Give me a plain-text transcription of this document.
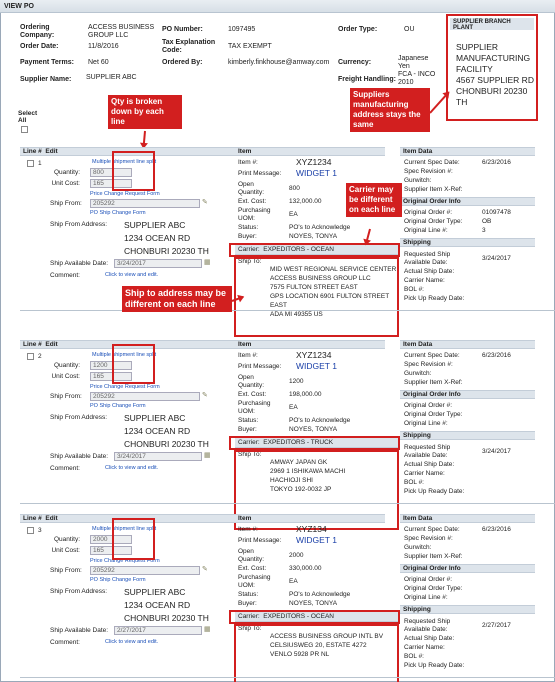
VIEW PO
Ordering Company:
ACCESS BUSINESS GROUP LLC
PO Number:	1097495	Order Type:	OU
Order Date:	11/8/2016
Tax Explanation Code:
TAX EXEMPT
Payment Terms: Net 60	Ordered By:	kimberly.finkhouse@amway.com Currency:
Japanese Yen
Supplier Name: SUPPLIER ABC	Freight Handling:
FCA - INCO 2010
SUPPLIER BRANCH PLANT
SUPPLIER
MANUFACTURING
FACILITY
4567 SUPPLIER RD
CHONBURI 20230
TH
Select All
Qty is broken down by each line
Suppliers manufacturing address stays the same
Line # Edit	Item	Item Data
1	Multiple shipment line split
Quantity:	800
Unit Cost:	165
Price Change Request Form
Ship From:	205292	✎
PO Ship Change Form
Ship From Address: SUPPLIER ABC
1234 OCEAN RD
CHONBURI 20230 TH
Ship Available Date:	3/24/2017	▦
Comment:	Click to view and edit.
Item #:	XYZ1234
Print Message: WIDGET 1
Open Quantity:
800
Ext. Cost:	132,000.00
Purchasing UOM:
EA
Status:	PO's to Acknowledge
Buyer:	NOYES, TONYA
Carrier: EXPEDITORS - OCEAN
Ship To:
MID WEST REGIONAL SERVICE CENTER
ACCESS BUSINESS GROUP LLC
7575 FULTON STREET EAST
GPS LOCATION 6901 FULTON STREET
EAST
ADA MI 49355 US
Current Spec Date:	6/23/2016
Spec Revision #:
Gurwitch:
Supplier Item X-Ref:
Original Order Info
Original Order #:	01097478
Original Order Type:	OB
Original Line #:	3
Shipping
Requested Ship Available Date:
3/24/2017
Actual Ship Date:
Carrier Name:
BOL #:
Pick Up Ready Date:
Line # Edit	Item	Item Data
2	Multiple shipment line split
Quantity:	1200
Unit Cost:	165
Price Change Request Form
Ship From:	205292	✎
PO Ship Change Form
Ship From Address: SUPPLIER ABC
1234 OCEAN RD
CHONBURI 20230 TH
Ship Available Date:	3/24/2017	▦
Comment:	Click to view and edit.
Item #:	XYZ1234
Print Message: WIDGET 1
Open Quantity:
1200
Ext. Cost:	198,000.00
Purchasing UOM:
EA
Status:	PO's to Acknowledge
Buyer:	NOYES, TONYA
Carrier: EXPEDITORS - TRUCK
Ship To:
AMWAY JAPAN GK
2969 1 ISHIKAWA MACHI
HACHIOJI SHI
TOKYO 192-0032 JP
Current Spec Date:	6/23/2016
Spec Revision #:
Gurwitch:
Supplier Item X-Ref:
Original Order Info
Original Order #:
Original Order Type:
Original Line #:
Shipping
Requested Ship Available Date:
3/24/2017
Actual Ship Date:
Carrier Name:
BOL #:
Pick Up Ready Date:
Line # Edit	Item	Item Data
3	Multiple shipment line split
Quantity:	2000
Unit Cost:	165
Price Change Request Form
Ship From:	205292	✎
PO Ship Change Form
Ship From Address: SUPPLIER ABC
1234 OCEAN RD
CHONBURI 20230 TH
Ship Available Date:	2/27/2017	▦
Comment:	Click to view and edit.
Item #:	XYZ134
Print Message: WIDGET 1
Open Quantity:
2000
Ext. Cost:	330,000.00
Purchasing UOM:
EA
Status:	PO's to Acknowledge
Buyer:	NOYES, TONYA
Carrier: EXPEDITORS - OCEAN
Ship To:
ACCESS BUSINESS GROUP INTL BV
CELSIUSWEG 20, ESTATE 4272
VENLO 5928 PR NL
Current Spec Date:	6/23/2016
Spec Revision #:
Gurwitch:
Supplier Item X-Ref:
Original Order Info
Original Order #:
Original Order Type:
Original Line #:
Shipping
Requested Ship Available Date:
2/27/2017
Actual Ship Date:
Carrier Name:
BOL #:
Pick Up Ready Date:
Carrier may be different on each line
Ship to address may be different on each line
